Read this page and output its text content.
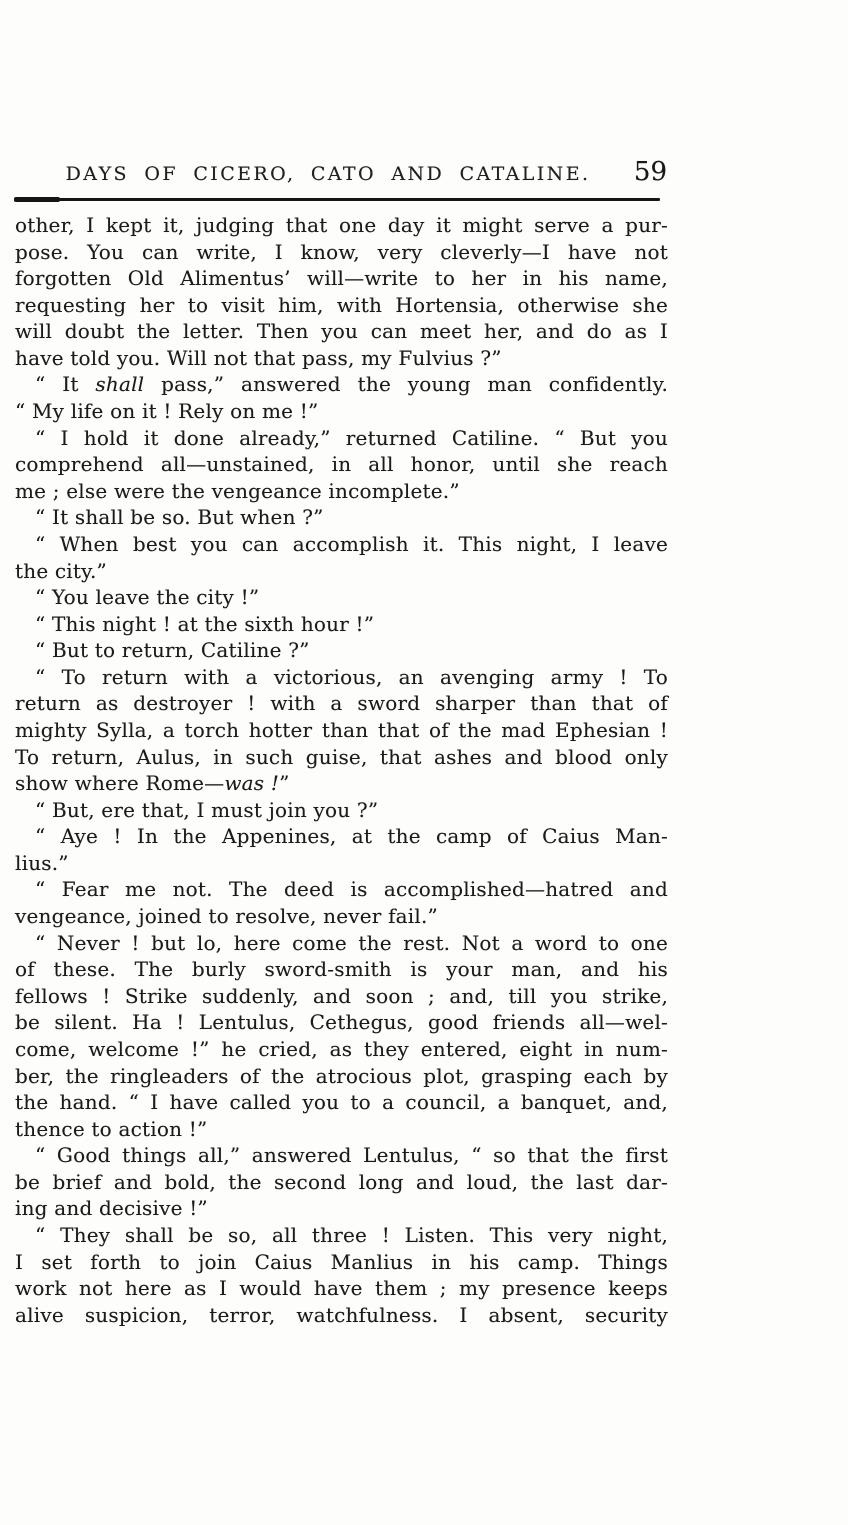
DAYS OF CICERO, CATO AND CATALINE.	59
other, I kept it, judging that one day it might serve a pur-
pose. You can write, I know, very cleverly—I have not
forgotten Old Alimentus’ will—write to her in his name,
requesting her to visit him, with Hortensia, otherwise she
will doubt the letter. Then you can meet her, and do as I
have told you. Will not that pass, my Fulvius ?”
“ It shall pass,” answered the young man confidently.
“ My life on it ! Rely on me !”
“ I hold it done already,” returned Catiline. “ But you
comprehend all—unstained, in all honor, until she reach
me ; else were the vengeance incomplete.”
“ It shall be so. But when ?”
“ When best you can accomplish it. This night, I leave
the city.”
“ You leave the city !”
“ This night ! at the sixth hour !”
“ But to return, Catiline ?”
“ To return with a victorious, an avenging army ! To
return as destroyer ! with a sword sharper than that of
mighty Sylla, a torch hotter than that of the mad Ephesian !
To return, Aulus, in such guise, that ashes and blood only
show where Rome—was !”
“ But, ere that, I must join you ?”
“ Aye ! In the Appenines, at the camp of Caius Man-
lius.”
“ Fear me not. The deed is accomplished—hatred and
vengeance, joined to resolve, never fail.”
“ Never ! but lo, here come the rest. Not a word to one
of these. The burly sword-smith is your man, and his
fellows ! Strike suddenly, and soon ; and, till you strike,
be silent. Ha ! Lentulus, Cethegus, good friends all—wel-
come, welcome !” he cried, as they entered, eight in num-
ber, the ringleaders of the atrocious plot, grasping each by
the hand. “ I have called you to a council, a banquet, and,
thence to action !”
“ Good things all,” answered Lentulus, “ so that the first
be brief and bold, the second long and loud, the last dar-
ing and decisive !”
“ They shall be so, all three ! Listen. This very night,
I set forth to join Caius Manlius in his camp. Things
work not here as I would have them ; my presence keeps
alive suspicion, terror, watchfulness. I absent, security
